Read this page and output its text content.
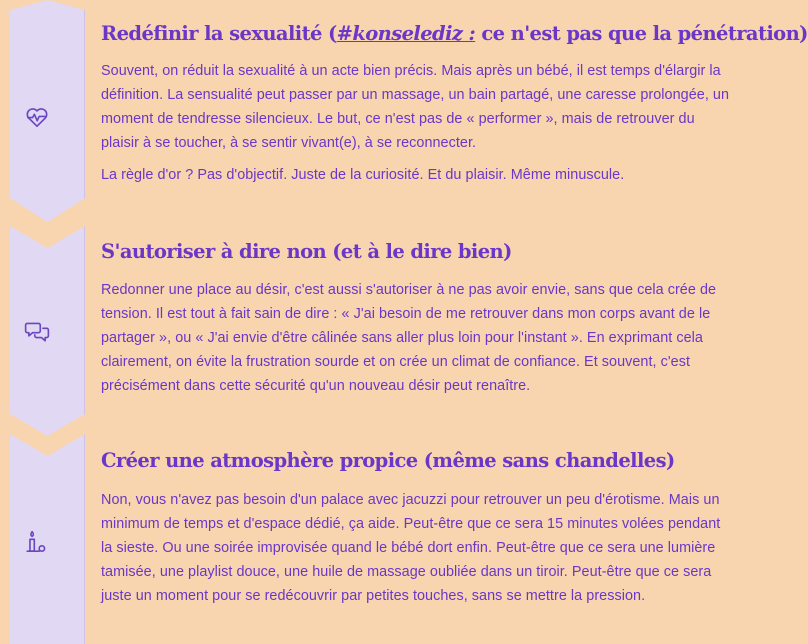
Redéfinir la sexualité (#konselediz : ce n'est pas que la pénétration)

Souvent, on réduit la sexualité à un acte bien précis. Mais après un bébé, il est temps d'élargir la définition. La sensualité peut passer par un massage, un bain partagé, une caresse prolongée, un moment de tendresse silencieux. Le but, ce n'est pas de « performer », mais de retrouver du plaisir à se toucher, à se sentir vivant(e), à se reconnecter.

La règle d'or ? Pas d'objectif. Juste de la curiosité. Et du plaisir. Même minuscule.

S'autoriser à dire non (et à le dire bien)

Redonner une place au désir, c'est aussi s'autoriser à ne pas avoir envie, sans que cela crée de tension. Il est tout à fait sain de dire : « J'ai besoin de me retrouver dans mon corps avant de le partager », ou « J'ai envie d'être câlinée sans aller plus loin pour l'instant ». En exprimant cela clairement, on évite la frustration sourde et on crée un climat de confiance. Et souvent, c'est précisément dans cette sécurité qu'un nouveau désir peut renaître.

Créer une atmosphère propice (même sans chandelles)

Non, vous n'avez pas besoin d'un palace avec jacuzzi pour retrouver un peu d'érotisme. Mais un minimum de temps et d'espace dédié, ça aide. Peut-être que ce sera 15 minutes volées pendant la sieste. Ou une soirée improvisée quand le bébé dort enfin. Peut-être que ce sera une lumière tamisée, une playlist douce, une huile de massage oubliée dans un tiroir. Peut-être que ce sera juste un moment pour se redécouvrir par petites touches, sans se mettre la pression.
